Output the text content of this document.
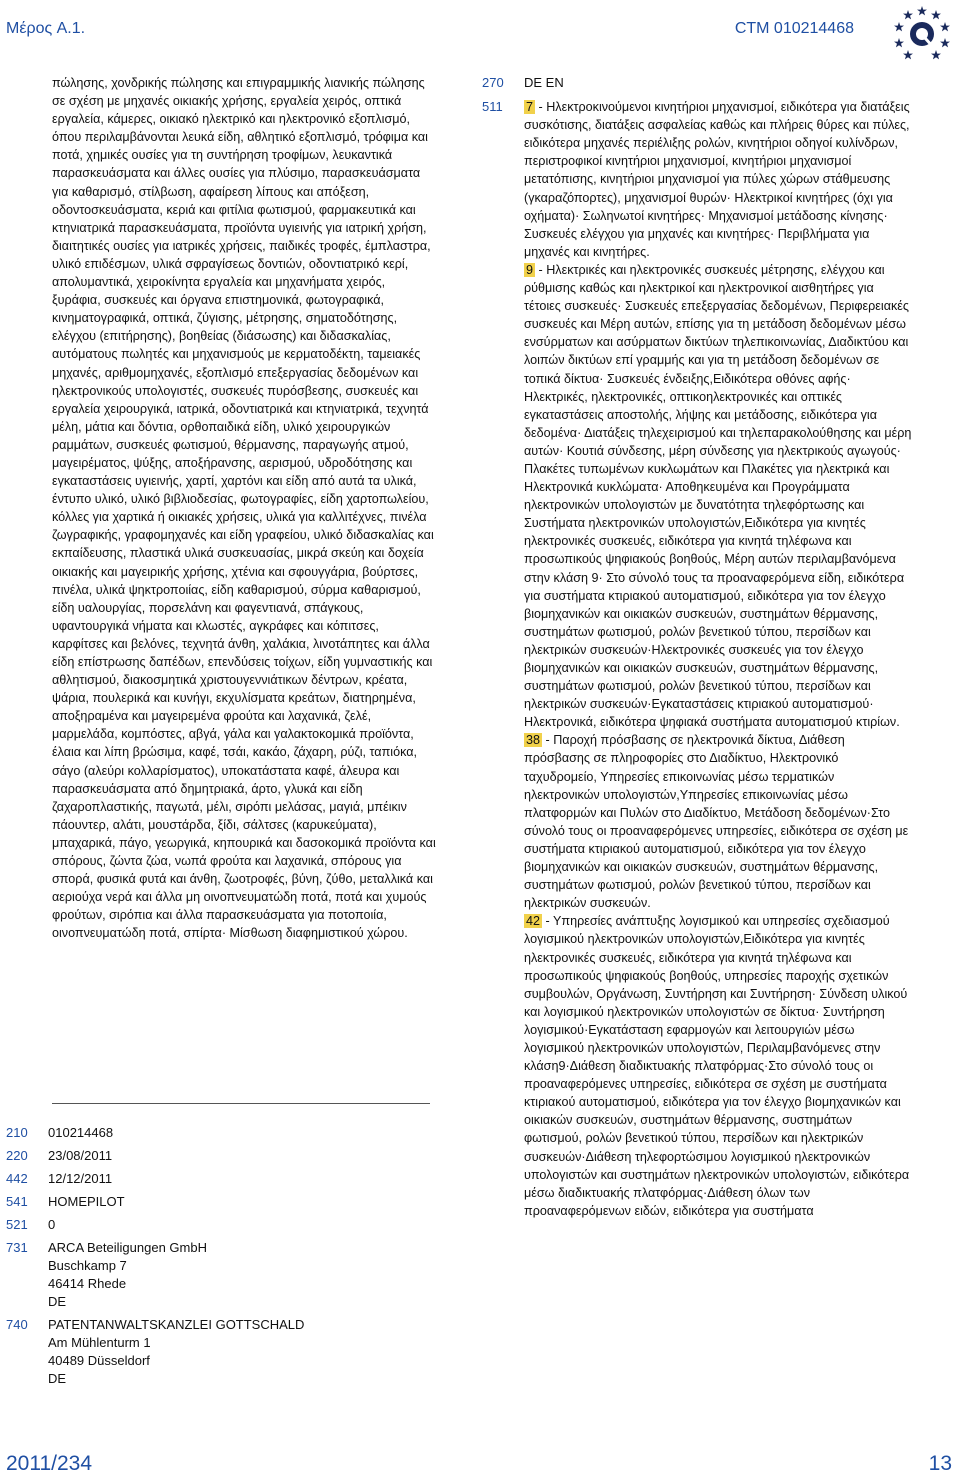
Μέρος A.1.	CTM 010214468

πώλησης, χονδρικής πώλησης και επιγραμμικής λιανικής πώλησης σε σχέση με μηχανές οικιακής χρήσης, εργαλεία χειρός, οπτικά εργαλεία, κάμερες, οικιακό ηλεκτρικό και ηλεκτρονικό εξοπλισμό, όπου περιλαμβάνονται λευκά είδη, αθλητικό εξοπλισμό, τρόφιμα και ποτά, χημικές ουσίες για τη συντήρηση τροφίμων, λευκαντικά παρασκευάσματα και άλλες ουσίες για πλύσιμο, παρασκευάσματα για καθαρισμό, στίλβωση, αφαίρεση λίπους και απόξεση, οδοντοσκευάσματα, κεριά και φιτίλια φωτισμού, φαρμακευτικά και κτηνιατρικά παρασκευάσματα, προϊόντα υγιεινής για ιατρική χρήση, διαιτητικές ουσίες για ιατρικές χρήσεις, παιδικές τροφές, έμπλαστρα, υλικό επιδέσμων, υλικά σφραγίσεως δοντιών, οδοντιατρικό κερί, απολυμαντικά, χειροκίνητα εργαλεία και μηχανήματα χειρός, ξυράφια, συσκευές και όργανα επιστημονικά, φωτογραφικά, κινηματογραφικά, οπτικά, ζύγισης, μέτρησης, σηματοδότησης, ελέγχου (επιτήρησης), βοηθείας (διάσωσης) και διδασκαλίας, αυτόματους πωλητές και μηχανισμούς με κερματοδέκτη, ταμειακές μηχανές, αριθμομηχανές, εξοπλισμό επεξεργασίας δεδομένων και ηλεκτρονικούς υπολογιστές, συσκευές πυρόσβεσης, συσκευές και εργαλεία χειρουργικά, ιατρικά, οδοντιατρικά και κτηνιατρικά, τεχνητά μέλη, μάτια και δόντια, ορθοπαιδικά είδη, υλικό χειρουργικών ραμμάτων, συσκευές φωτισμού, θέρμανσης, παραγωγής ατμού, μαγειρέματος, ψύξης, αποξήρανσης, αερισμού, υδροδότησης και εγκαταστάσεις υγιεινής, χαρτί, χαρτόνι και είδη από αυτά τα υλικά, έντυπο υλικό, υλικό βιβλιοδεσίας, φωτογραφίες, είδη χαρτοπωλείου, κόλλες για χαρτικά ή οικιακές χρήσεις, υλικά για καλλιτέχνες, πινέλα ζωγραφικής, γραφομηχανές και είδη γραφείου, υλικό διδασκαλίας και εκπαίδευσης, πλαστικά υλικά συσκευασίας, μικρά σκεύη και δοχεία οικιακής και μαγειρικής χρήσης, χτένια και σφουγγάρια, βούρτσες, πινέλα, υλικά ψηκτροποιίας, είδη καθαρισμού, σύρμα καθαρισμού, είδη υαλουργίας, πορσελάνη και φαγεντιανά, σπάγκους, υφαντουργικά νήματα και κλωστές, αγκράφες και κόπιτσες, καρφίτσες και βελόνες, τεχνητά άνθη, χαλάκια, λινοτάπητες και άλλα είδη επίστρωσης δαπέδων, επενδύσεις τοίχων, είδη γυμναστικής και αθλητισμού, διακοσμητικά χριστουγεννιάτικων δέντρων, κρέατα, ψάρια, πουλερικά και κυνήγι, εκχυλίσματα κρεάτων, διατηρημένα, αποξηραμένα και μαγειρεμένα φρούτα και λαχανικά, ζελέ, μαρμελάδα, κομπόστες, αβγά, γάλα και γαλακτοκομικά προϊόντα, έλαια και λίπη βρώσιμα, καφέ, τσάι, κακάο, ζάχαρη, ρύζι, ταπιόκα, σάγο (αλεύρι κολλαρίσματος), υποκατάστατα καφέ, άλευρα και παρασκευάσματα από δημητριακά, άρτο, γλυκά και είδη ζαχαροπλαστικής, παγωτά, μέλι, σιρόπι μελάσας, μαγιά, μπέικιν πάουντερ, αλάτι, μουστάρδα, ξίδι, σάλτσες (καρυκεύματα), μπαχαρικά, πάγο, γεωργικά, κηπουρικά και δασοκομικά προϊόντα και σπόρους, ζώντα ζώα, νωπά φρούτα και λαχανικά, σπόρους για σπορά, φυσικά φυτά και άνθη, ζωοτροφές, βύνη, ζύθο, μεταλλικά και αεριούχα νερά και άλλα μη οινοπνευματώδη ποτά, ποτά και χυμούς φρούτων, σιρόπια και άλλα παρασκευάσματα για ποτοποιία, οινοπνευματώδη ποτά, σπίρτα· Μίσθωση διαφημιστικού χώρου.

210	010214468
220	23/08/2011
442	12/12/2011
541	HOMEPILOT
521	0
731	ARCA Beteiligungen GmbH
Buschkamp 7
46414 Rhede
DE
740	PATENTANWALTSKANZLEI GOTTSCHALD
Am Mühlenturm 1
40489 Düsseldorf
DE
270	DE EN
511	7 - Ηλεκτροκινούμενοι κινητήριοι μηχανισμοί, ειδικότερα για διατάξεις συσκότισης, διατάξεις ασφαλείας καθώς και πλήρεις θύρες και πύλες, ειδικότερα μηχανές περιέλιξης ρολών, κινητήριοι οδηγοί κυλίνδρων, περιστροφικοί κινητήριοι μηχανισμοί, κινητήριοι μηχανισμοί μετατόπισης, κινητήριοι μηχανισμοί για πύλες χώρων στάθμευσης (γκαραζόπορτες), μηχανισμοί θυρών· Ηλεκτρικοί κινητήρες (όχι για οχήματα)· Σωληνωτοί κινητήρες· Μηχανισμοί μετάδοσης κίνησης· Συσκευές ελέγχου για μηχανές και κινητήρες· Περιβλήματα για μηχανές και κινητήρες.

9 - Ηλεκτρικές και ηλεκτρονικές συσκευές μέτρησης, ελέγχου και ρύθμισης καθώς και ηλεκτρικοί και ηλεκτρονικοί αισθητήρες για τέτοιες συσκευές· Συσκευές επεξεργασίας δεδομένων, Περιφερειακές συσκευές και Μέρη αυτών, επίσης για τη μετάδοση δεδομένων μέσω ενσύρματων και ασύρματων δικτύων τηλεπικοινωνίας, Διαδικτύου και λοιπών δικτύων επί γραμμής και για τη μετάδοση δεδομένων σε τοπικά δίκτυα· Συσκευές ένδειξης,Ειδικότερα οθόνες αφής· Ηλεκτρικές, ηλεκτρονικές, οπτικοηλεκτρονικές και οπτικές εγκαταστάσεις αποστολής, λήψης και μετάδοσης, ειδικότερα για δεδομένα· Διατάξεις τηλεχειρισμού και τηλεπαρακολούθησης και μέρη αυτών· Κουτιά σύνδεσης, μέρη σύνδεσης για ηλεκτρικούς αγωγούς· Πλακέτες τυπωμένων κυκλωμάτων και Πλακέτες για ηλεκτρικά και Ηλεκτρονικά κυκλώματα· Αποθηκευμένα και Προγράμματα ηλεκτρονικών υπολογιστών με δυνατότητα τηλεφόρτωσης και Συστήματα ηλεκτρονικών υπολογιστών,Ειδικότερα για κινητές ηλεκτρονικές συσκευές, ειδικότερα για κινητά τηλέφωνα και προσωπικούς ψηφιακούς βοηθούς, Μέρη αυτών περιλαμβανόμενα στην κλάση 9· Στο σύνολό τους τα προαναφερόμενα είδη, ειδικότερα για συστήματα κτιριακού αυτοματισμού, ειδικότερα για τον έλεγχο βιομηχανικών και οικιακών συσκευών, συστημάτων θέρμανσης, συστημάτων φωτισμού, ρολών βενετικού τύπου, περσίδων και ηλεκτρικών συσκευών·Ηλεκτρονικές συσκευές για τον έλεγχο βιομηχανικών και οικιακών συσκευών, συστημάτων θέρμανσης, συστημάτων φωτισμού, ρολών βενετικού τύπου, περσίδων και ηλεκτρικών συσκευών·Εγκαταστάσεις κτιριακού αυτοματισμού· Ηλεκτρονικά, ειδικότερα ψηφιακά συστήματα αυτοματισμού κτιρίων.

38 - Παροχή πρόσβασης σε ηλεκτρονικά δίκτυα, Διάθεση πρόσβασης σε πληροφορίες στο Διαδίκτυο, Ηλεκτρονικό ταχυδρομείο, Υπηρεσίες επικοινωνίας μέσω τερματικών ηλεκτρονικών υπολογιστών,Υπηρεσίες επικοινωνίας μέσω πλατφορμών και Πυλών στο Διαδίκτυο, Μετάδοση δεδομένων·Στο σύνολό τους οι προαναφερόμενες υπηρεσίες, ειδικότερα σε σχέση με συστήματα κτιριακού αυτοματισμού, ειδικότερα για τον έλεγχο βιομηχανικών και οικιακών συσκευών, συστημάτων θέρμανσης, συστημάτων φωτισμού, ρολών βενετικού τύπου, περσίδων και ηλεκτρικών συσκευών.

42 - Υπηρεσίες ανάπτυξης λογισμικού και υπηρεσίες σχεδιασμού λογισμικού ηλεκτρονικών υπολογιστών,Ειδικότερα για κινητές ηλεκτρονικές συσκευές, ειδικότερα για κινητά τηλέφωνα και προσωπικούς ψηφιακούς βοηθούς, υπηρεσίες παροχής σχετικών συμβουλών, Οργάνωση, Συντήρηση και Συντήρηση· Σύνδεση υλικού και λογισμικού ηλεκτρονικών υπολογιστών σε δίκτυα· Συντήρηση λογισμικού·Εγκατάσταση εφαρμογών και λειτουργιών μέσω λογισμικού ηλεκτρονικών υπολογιστών, Περιλαμβανόμενες στην κλάση9·Διάθεση διαδικτυακής πλατφόρμας·Στο σύνολό τους οι προαναφερόμενες υπηρεσίες, ειδικότερα σε σχέση με συστήματα κτιριακού αυτοματισμού, ειδικότερα για τον έλεγχο βιομηχανικών και οικιακών συσκευών, συστημάτων θέρμανσης, συστημάτων φωτισμού, ρολών βενετικού τύπου, περσίδων και ηλεκτρικών συσκευών·Διάθεση τηλεφορτώσιμου λογισμικού ηλεκτρονικών υπολογιστών και συστημάτων ηλεκτρονικών υπολογιστών, ειδικότερα μέσω διαδικτυακής πλατφόρμας·Διάθεση όλων των προαναφερόμενων ειδών, ειδικότερα για συστήματα

2011/234	13
